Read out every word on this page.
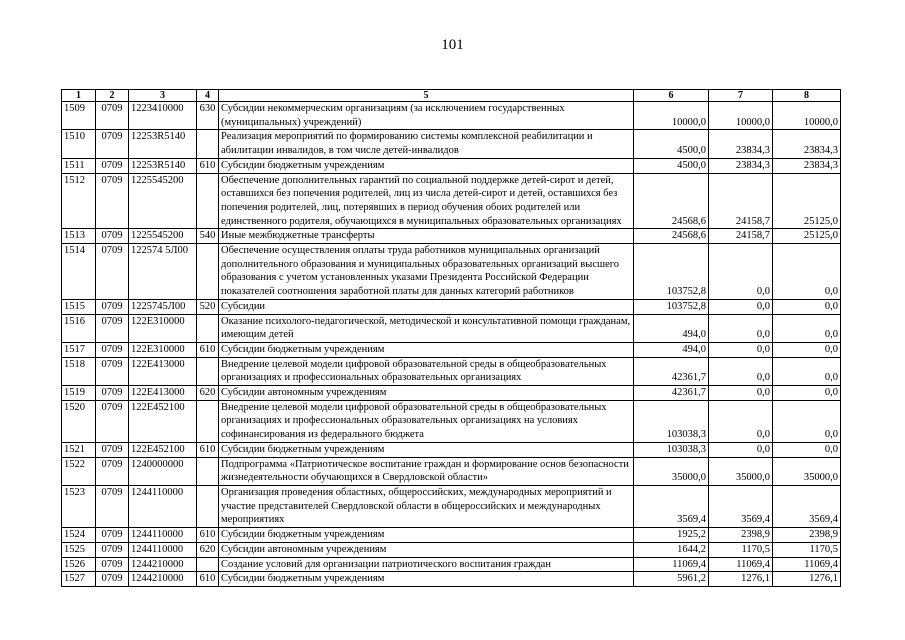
101
1	2	3	4	5	6	7	8
1509	0709	1223410000	630	Субсидии некоммерческим организациям (за исключением государственных (муниципальных) учреждений)	10000,0	10000,0	10000,0
1510	0709	12253R5140		Реализация мероприятий по формированию системы комплексной реабилитации и абилитации инвалидов, в том числе детей-инвалидов	4500,0	23834,3	23834,3
1511	0709	12253R5140	610	Субсидии бюджетным учреждениям	4500,0	23834,3	23834,3
1512	0709	1225545200		Обеспечение дополнительных гарантий по социальной поддержке детей-сирот и детей, оставшихся без попечения родителей, лиц из числа детей-сирот и детей, оставшихся без попечения родителей, лиц, потерявших в период обучения обоих родителей или единственного родителя, обучающихся в муниципальных образовательных организациях	24568,6	24158,7	25125,0
1513	0709	1225545200	540	Иные межбюджетные трансферты	24568,6	24158,7	25125,0
1514	0709	122574 5Л00		Обеспечение осуществления оплаты труда работников муниципальных организаций дополнительного образования и муниципальных образовательных организаций высшего образования с учетом установленных указами Президента Российской Федерации показателей соотношения заработной платы для данных категорий работников	103752,8	0,0	0,0
1515	0709	1225745Л00	520	Субсидии	103752,8	0,0	0,0
1516	0709	122E310000		Оказание психолого-педагогической, методической и консультативной помощи гражданам, имеющим детей	494,0	0,0	0,0
1517	0709	122E310000	610	Субсидии бюджетным учреждениям	494,0	0,0	0,0
1518	0709	122E413000		Внедрение целевой модели цифровой образовательной среды в общеобразовательных организациях и профессиональных образовательных организациях	42361,7	0,0	0,0
1519	0709	122E413000	620	Субсидии автономным учреждениям	42361,7	0,0	0,0
1520	0709	122E452100		Внедрение целевой модели цифровой образовательной среды в общеобразовательных организациях и профессиональных образовательных организациях на условиях софинансирования из федерального бюджета	103038,3	0,0	0,0
1521	0709	122E452100	610	Субсидии бюджетным учреждениям	103038,3	0,0	0,0
1522	0709	1240000000		Подпрограмма «Патриотическое воспитание граждан и формирование основ безопасности жизнедеятельности обучающихся в Свердловской области»	35000,0	35000,0	35000,0
1523	0709	1244110000		Организация проведения областных, общероссийских, международных мероприятий и участие представителей Свердловской области в общероссийских и международных мероприятиях	3569,4	3569,4	3569,4
1524	0709	1244110000	610	Субсидии бюджетным учреждениям	1925,2	2398,9	2398,9
1525	0709	1244110000	620	Субсидии автономным учреждениям	1644,2	1170,5	1170,5
1526	0709	1244210000		Создание условий для организации патриотического воспитания граждан	11069,4	11069,4	11069,4
1527	0709	1244210000	610	Субсидии бюджетным учреждениям	5961,2	1276,1	1276,1
